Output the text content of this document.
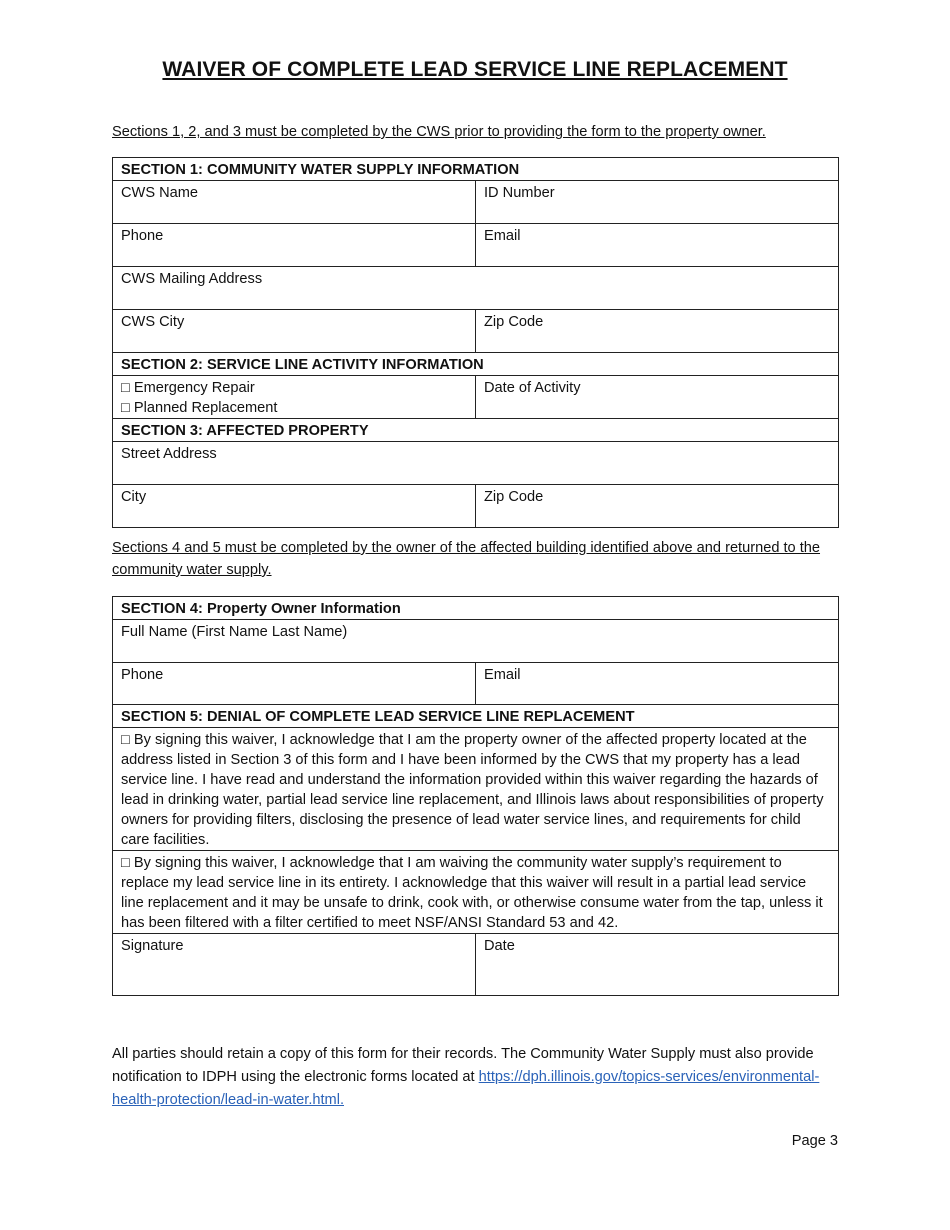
WAIVER OF COMPLETE LEAD SERVICE LINE REPLACEMENT
Sections 1, 2, and 3 must be completed by the CWS prior to providing the form to the property owner.
SECTION 1: COMMUNITY WATER SUPPLY INFORMATION	
CWS Name	ID Number
Phone	Email
CWS Mailing Address	
CWS City	Zip Code
SECTION 2: SERVICE LINE ACTIVITY INFORMATION	

□ Emergency Repair
□ Planned Replacement	Date of Activity
SECTION 3: AFFECTED PROPERTY	
Street Address	
City	Zip Code
Sections 4 and 5 must be completed by the owner of the affected building identified above and returned to the community water supply.
SECTION 4: Property Owner Information	
Full Name (First Name Last Name)	
Phone	Email
SECTION 5: DENIAL OF COMPLETE LEAD SERVICE LINE REPLACEMENT	
□ By signing this waiver, I acknowledge that I am the property owner of the affected property located at the address listed in Section 3 of this form and I have been informed by the CWS that my property has a lead service line. I have read and understand the information provided within this waiver regarding the hazards of lead in drinking water, partial lead service line replacement, and Illinois laws about responsibilities of property owners for providing filters, disclosing the presence of lead water service lines, and requirements for child care facilities.	
□ By signing this waiver, I acknowledge that I am waiving the community water supply’s requirement to replace my lead service line in its entirety. I acknowledge that this waiver will result in a partial lead service line replacement and it may be unsafe to drink, cook with, or otherwise consume water from the tap, unless it has been filtered with a filter certified to meet NSF/ANSI Standard 53 and 42.	
Signature	Date
All parties should retain a copy of this form for their records. The Community Water Supply must also provide notification to IDPH using the electronic forms located at https://dph.illinois.gov/topics-services/environmental-health-protection/lead-in-water.html.
Page 3
